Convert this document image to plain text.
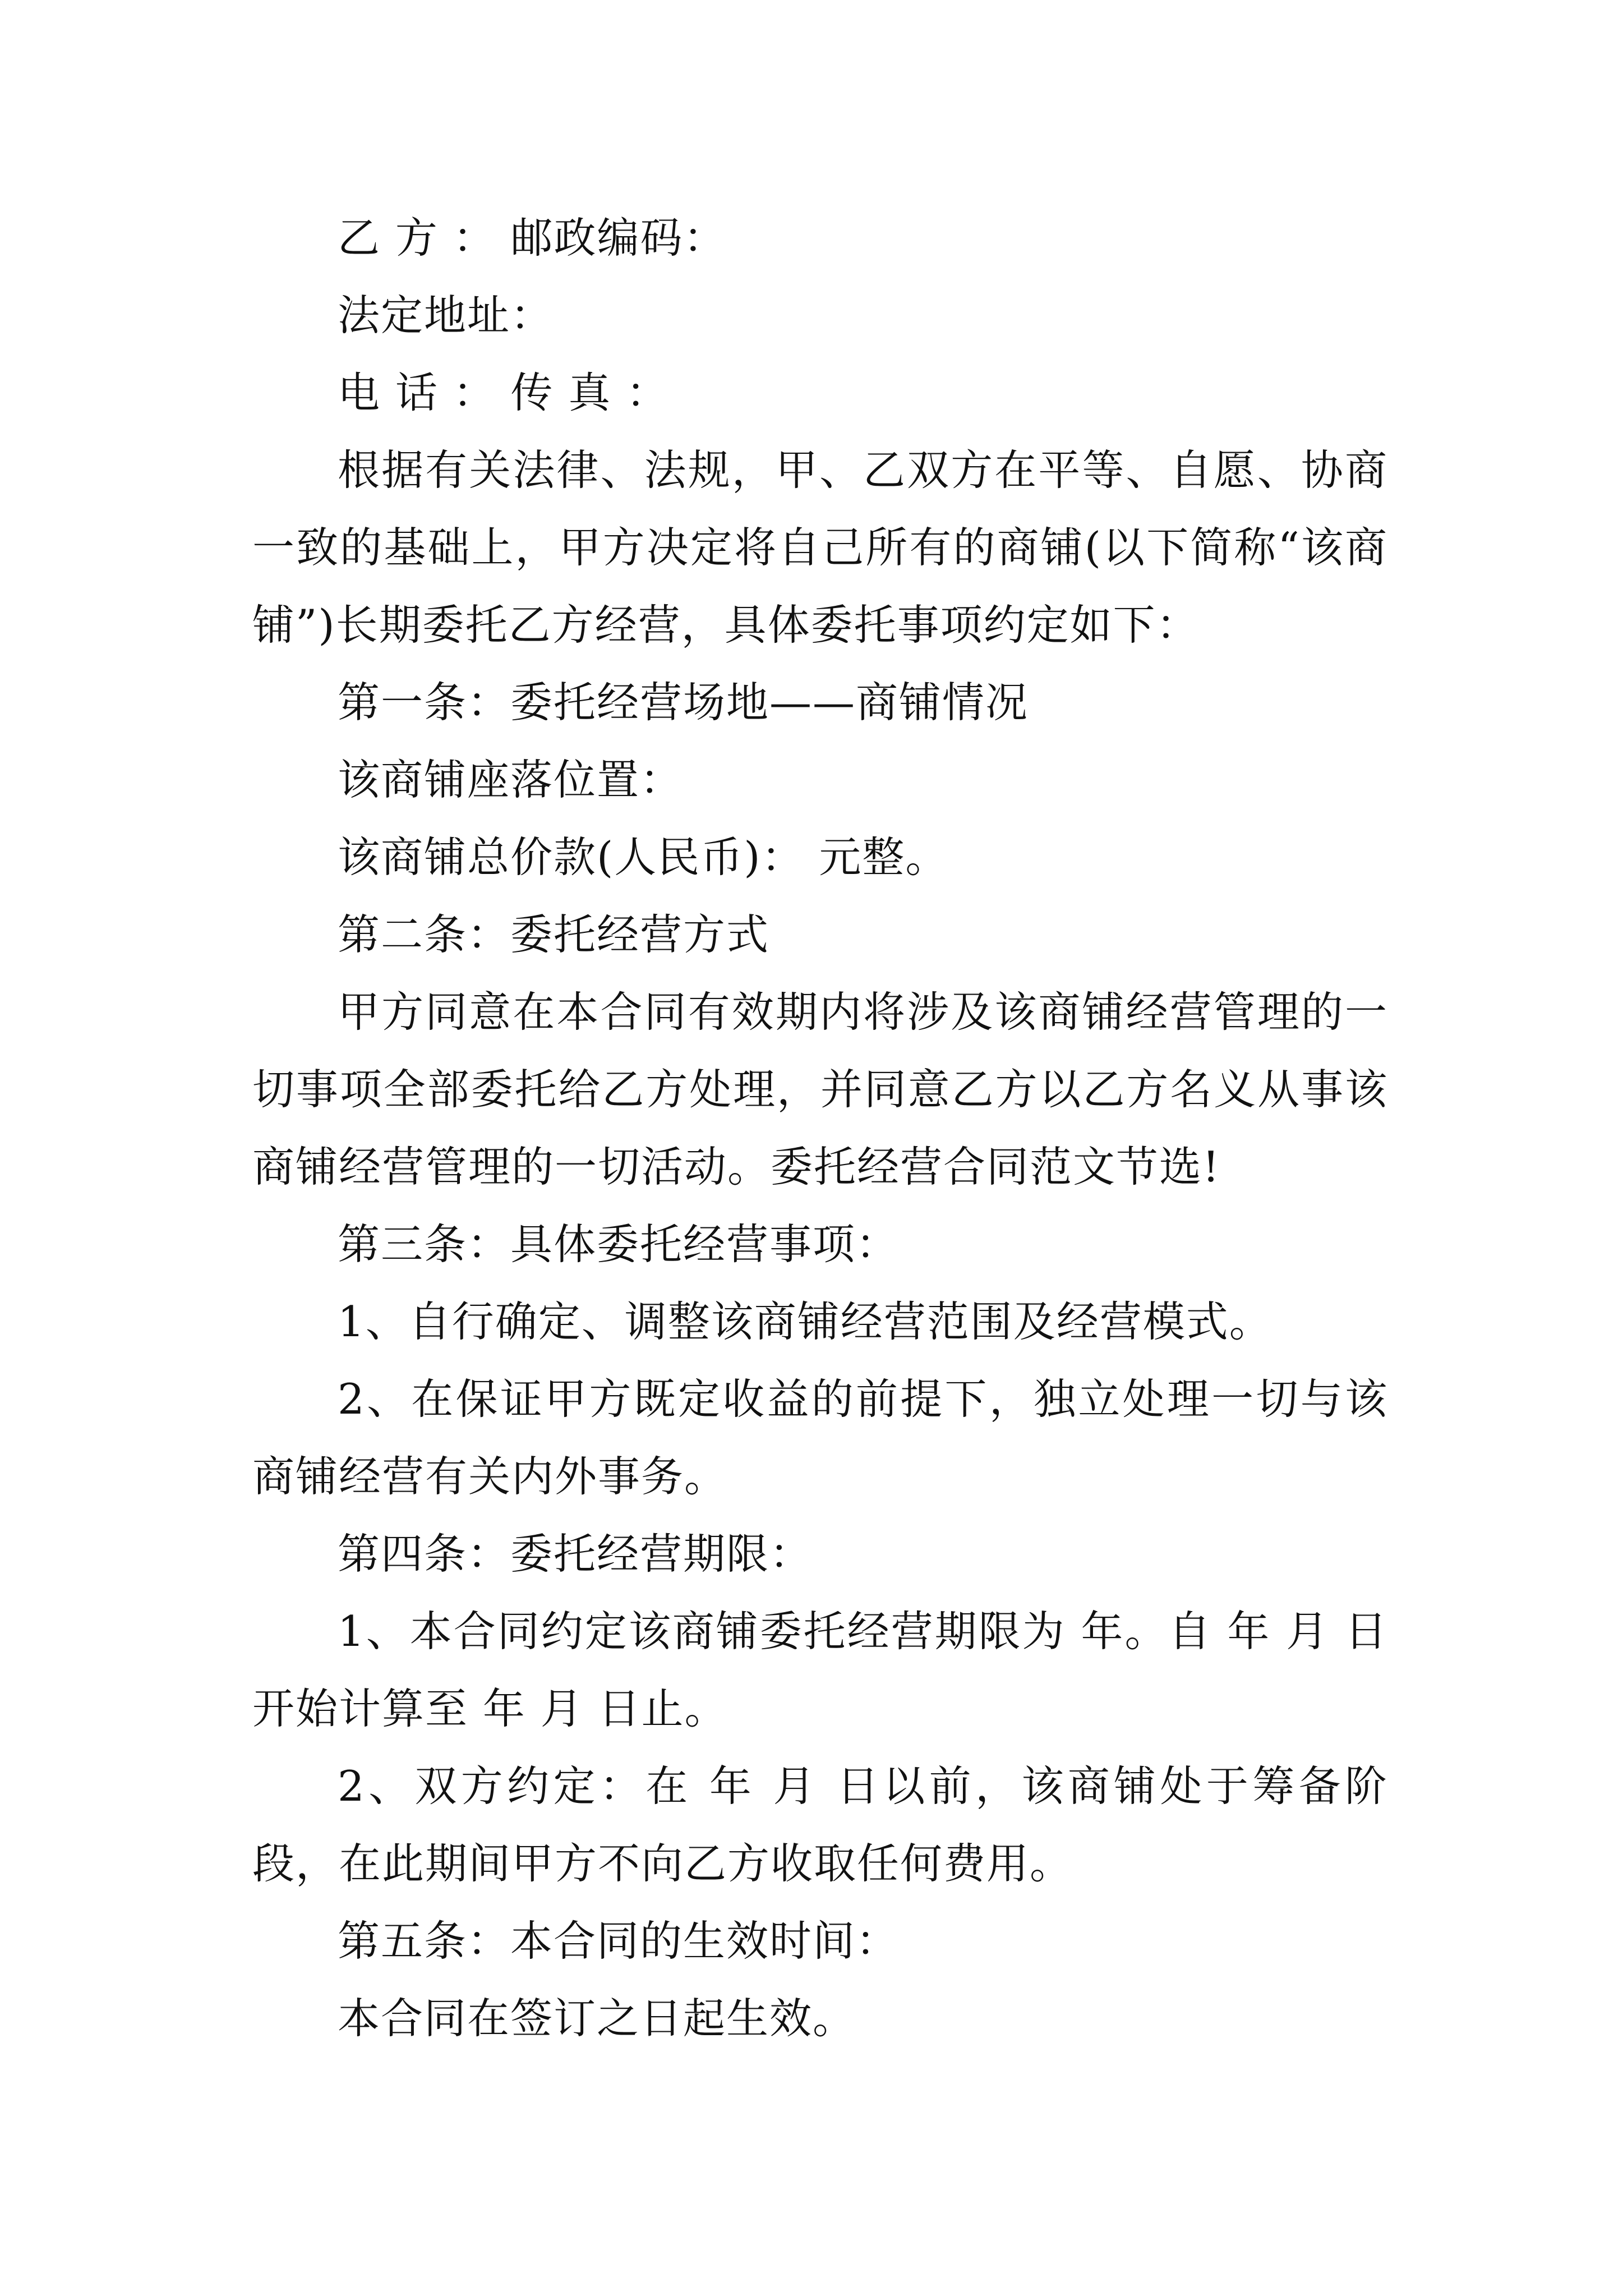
乙 方 ： 邮政编码：

法定地址：

电 话 ： 传 真 ：

根据有关法律、法规，甲、乙双方在平等、自愿、协商一致的基础上，甲方决定将自己所有的商铺(以下简称“该商铺”)长期委托乙方经营，具体委托事项约定如下：

第一条：委托经营场地——商铺情况

该商铺座落位置：

该商铺总价款(人民币)： 元整。

第二条：委托经营方式

甲方同意在本合同有效期内将涉及该商铺经营管理的一切事项全部委托给乙方处理，并同意乙方以乙方名义从事该商铺经营管理的一切活动。委托经营合同范文节选!

第三条：具体委托经营事项：

1、自行确定、调整该商铺经营范围及经营模式。

2、在保证甲方既定收益的前提下，独立处理一切与该商铺经营有关内外事务。

第四条：委托经营期限：

1、本合同约定该商铺委托经营期限为 年。自 年 月 日开始计算至 年 月 日止。

2、双方约定：在 年 月 日以前，该商铺处于筹备阶段，在此期间甲方不向乙方收取任何费用。

第五条：本合同的生效时间：

本合同在签订之日起生效。
